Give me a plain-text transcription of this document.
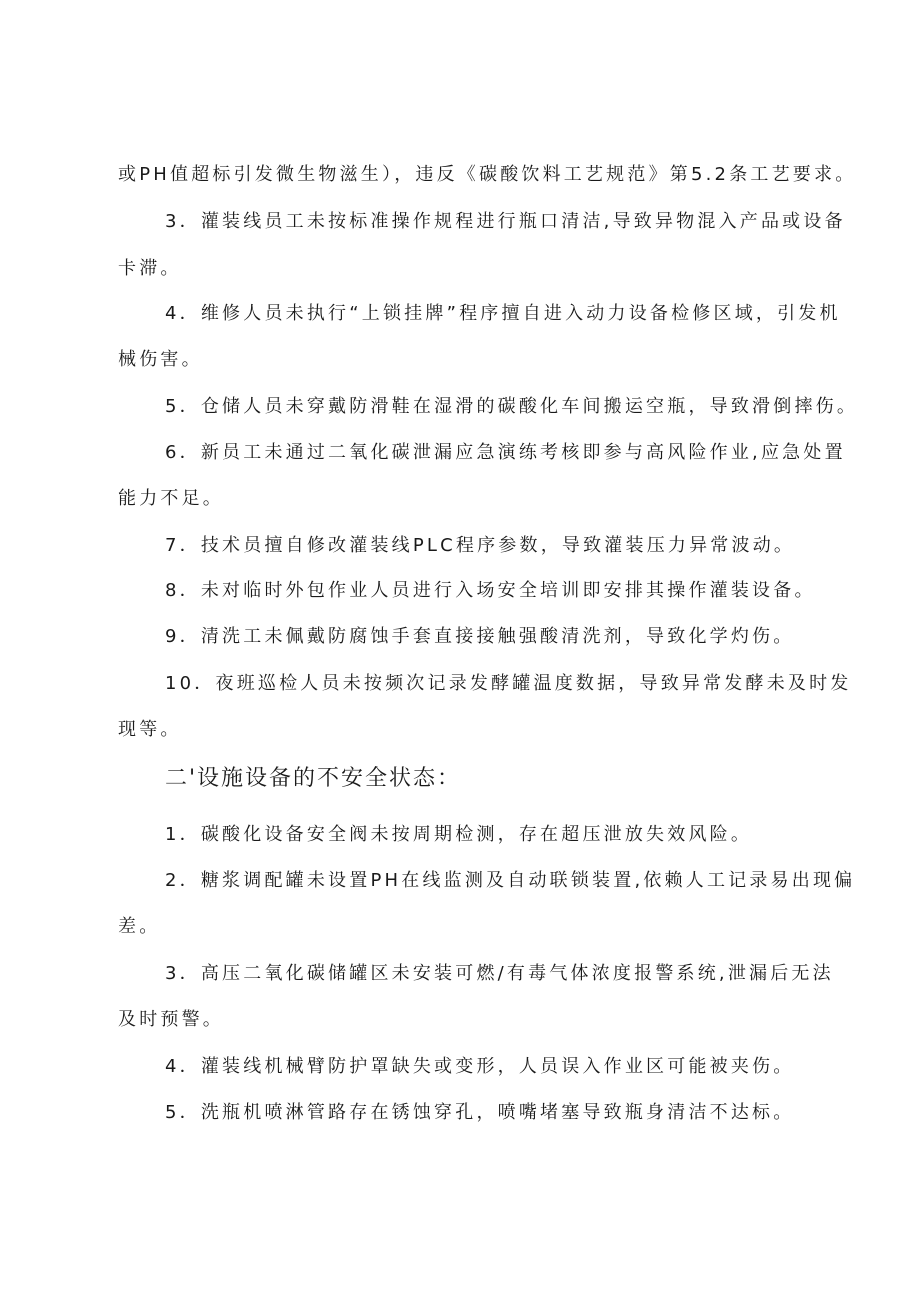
或PH值超标引发微生物滋生），违反《碳酸饮料工艺规范》第5.2条工艺要求。
3．灌装线员工未按标准操作规程进行瓶口清洁,导致异物混入产品或设备
卡滞。
4．维修人员未执行“上锁挂牌”程序擅自进入动力设备检修区域，引发机
械伤害。
5．仓储人员未穿戴防滑鞋在湿滑的碳酸化车间搬运空瓶，导致滑倒摔伤。
6．新员工未通过二氧化碳泄漏应急演练考核即参与高风险作业,应急处置
能力不足。
7．技术员擅自修改灌装线PLC程序参数，导致灌装压力异常波动。
8．未对临时外包作业人员进行入场安全培训即安排其操作灌装设备。
9．清洗工未佩戴防腐蚀手套直接接触强酸清洗剂，导致化学灼伤。
10．夜班巡检人员未按频次记录发酵罐温度数据，导致异常发酵未及时发
现等。
二'设施设备的不安全状态：
1．碳酸化设备安全阀未按周期检测，存在超压泄放失效风险。
2．糖浆调配罐未设置PH在线监测及自动联锁装置,依赖人工记录易出现偏
差。
3．高压二氧化碳储罐区未安装可燃/有毒气体浓度报警系统,泄漏后无法
及时预警。
4．灌装线机械臂防护罩缺失或变形，人员误入作业区可能被夹伤。
5．洗瓶机喷淋管路存在锈蚀穿孔，喷嘴堵塞导致瓶身清洁不达标。
